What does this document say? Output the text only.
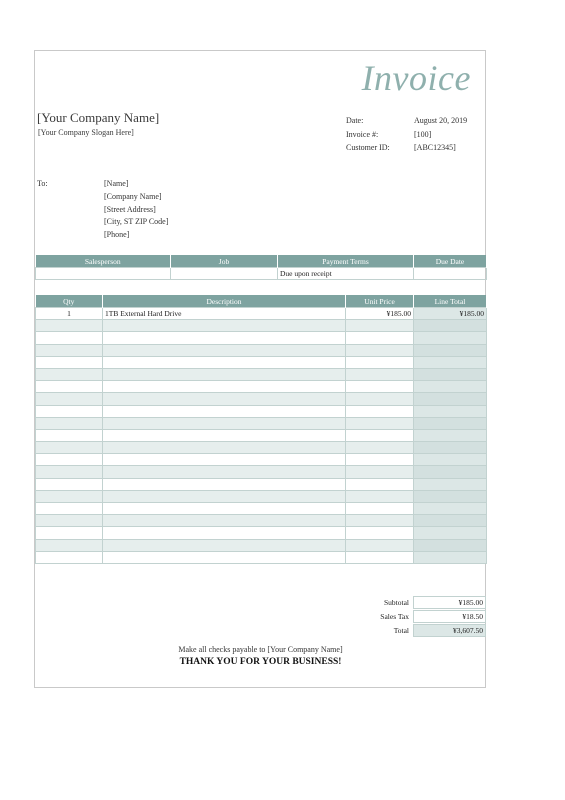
Invoice
[Your Company Name]
[Your Company Slogan Here]
Date:	August 20, 2019
Invoice #:	[100]
Customer ID:	[ABC12345]
To:	[Name]
[Company Name]
[Street Address]
[City, ST ZIP Code]
[Phone]
Salesperson	Job	Payment Terms	Due Date
		Due upon receipt	
Qty	Description	Unit Price	Line Total
1	1TB External Hard Drive	¥185.00	¥185.00

Subtotal	¥185.00
Sales Tax	¥18.50
Total	¥3,607.50
Make all checks payable to [Your Company Name]
THANK YOU FOR YOUR BUSINESS!
